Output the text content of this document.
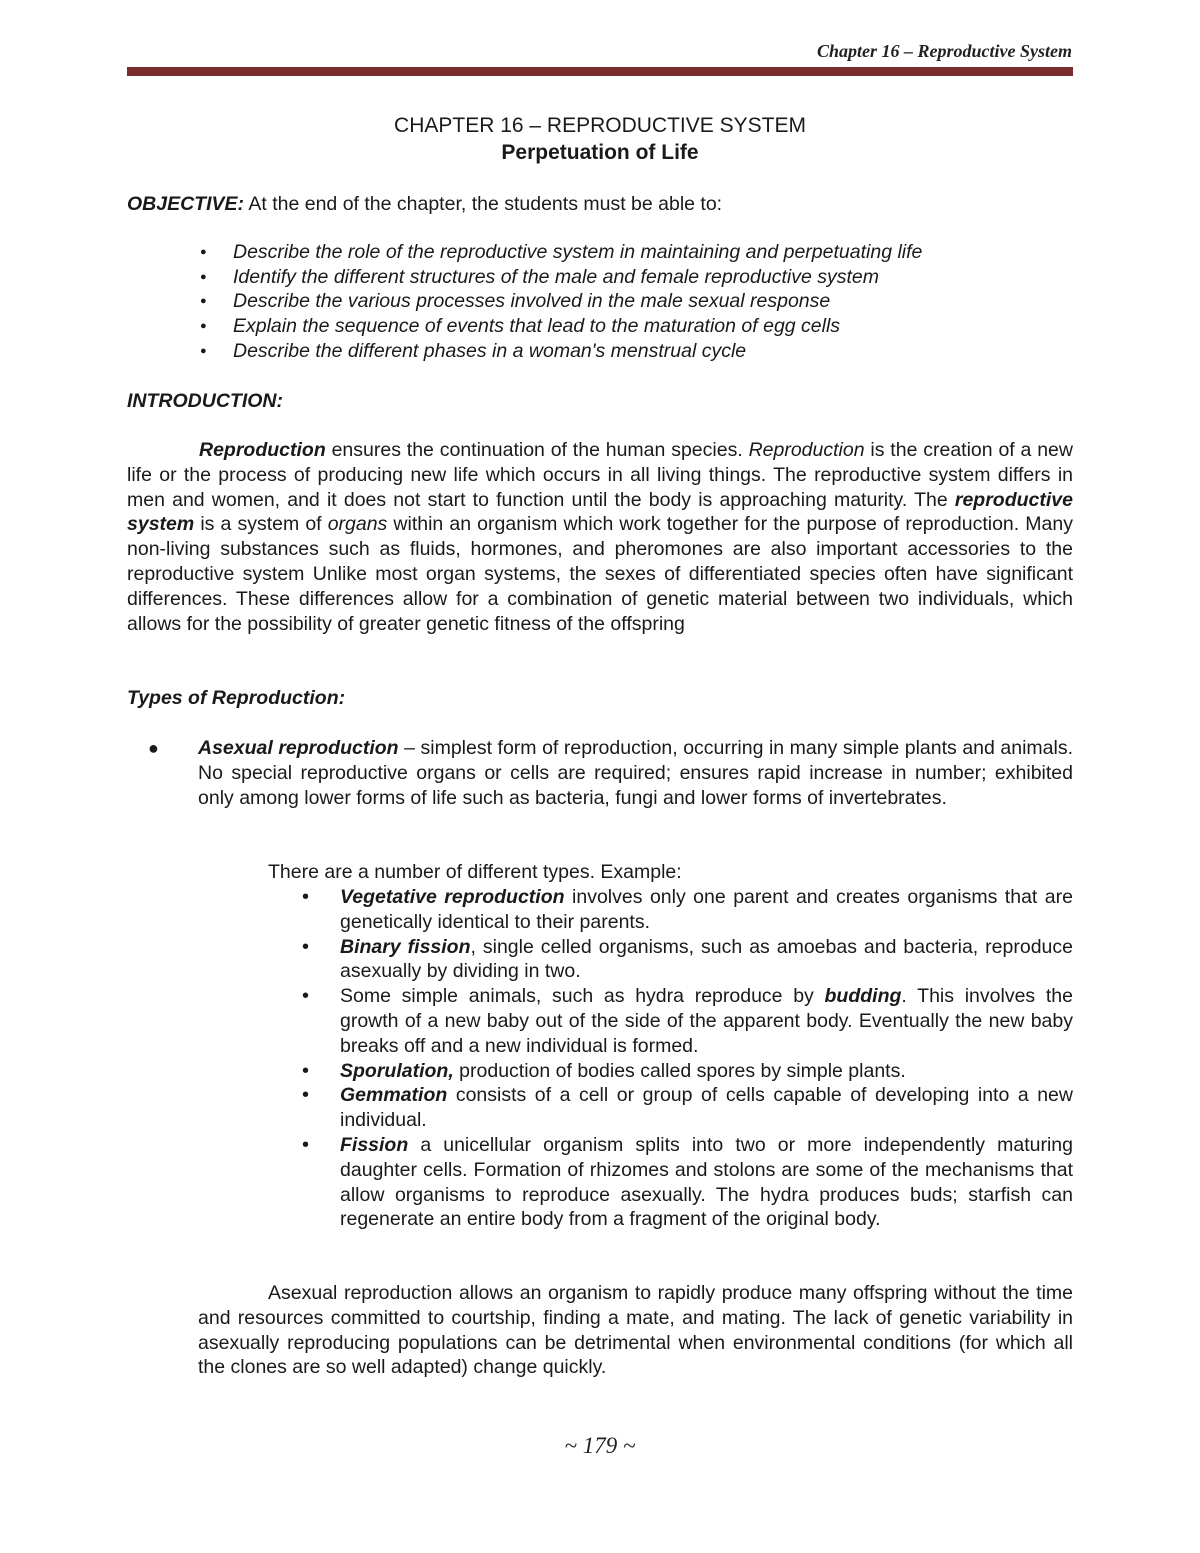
Chapter 16 – Reproductive System
CHAPTER 16 – REPRODUCTIVE SYSTEM
Perpetuation of Life
OBJECTIVE: At the end of the chapter, the students must be able to:
● Describe the role of the reproductive system in maintaining and perpetuating life
● Identify the different structures of the male and female reproductive system
● Describe the various processes involved in the male sexual response
● Explain the sequence of events that lead to the maturation of egg cells
● Describe the different phases in a woman's menstrual cycle
INTRODUCTION:

Reproduction ensures the continuation of the human species. Reproduction is the creation of a new life or the process of producing new life which occurs in all living things. The reproductive system differs in men and women, and it does not start to function until the body is approaching maturity. The reproductive system is a system of organs within an organism which work together for the purpose of reproduction. Many non-living substances such as fluids, hormones, and pheromones are also important accessories to the reproductive system Unlike most organ systems, the sexes of differentiated species often have significant differences. These differences allow for a combination of genetic material between two individuals, which allows for the possibility of greater genetic fitness of the offspring

Types of Reproduction:
● Asexual reproduction – simplest form of reproduction, occurring in many simple plants and animals. No special reproductive organs or cells are required; ensures rapid increase in number; exhibited only among lower forms of life such as bacteria, fungi and lower forms of invertebrates.

There are a number of different types. Example:
• Vegetative reproduction involves only one parent and creates organisms that are genetically identical to their parents.
• Binary fission, single celled organisms, such as amoebas and bacteria, reproduce asexually by dividing in two.
• Some simple animals, such as hydra reproduce by budding. This involves the growth of a new baby out of the side of the apparent body. Eventually the new baby breaks off and a new individual is formed.
• Sporulation, production of bodies called spores by simple plants.
• Gemmation consists of a cell or group of cells capable of developing into a new individual.
• Fission a unicellular organism splits into two or more independently maturing daughter cells. Formation of rhizomes and stolons are some of the mechanisms that allow organisms to reproduce asexually. The hydra produces buds; starfish can regenerate an entire body from a fragment of the original body.

Asexual reproduction allows an organism to rapidly produce many offspring without the time and resources committed to courtship, finding a mate, and mating. The lack of genetic variability in asexually reproducing populations can be detrimental when environmental conditions (for which all the clones are so well adapted) change quickly.

~ 179 ~
